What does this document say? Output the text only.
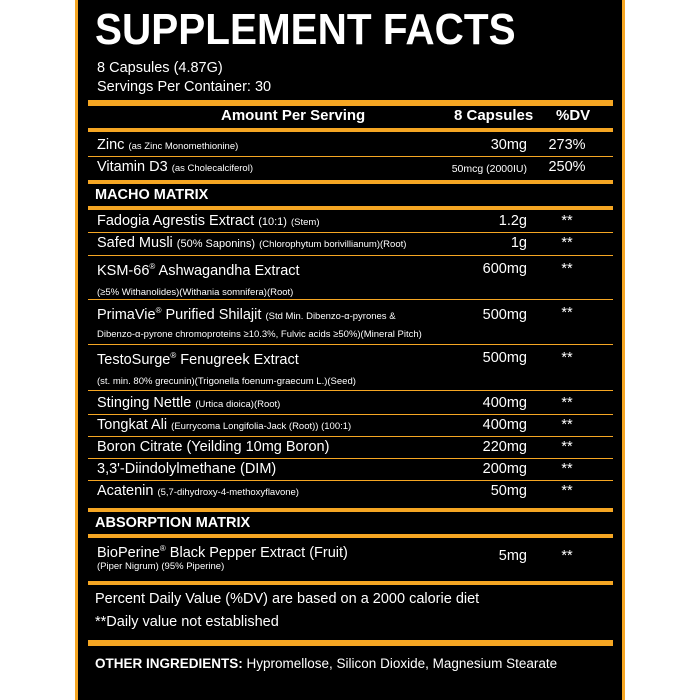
SUPPLEMENT FACTS
8 Capsules (4.87G)
Servings Per Container: 30
Amount Per Serving	8 Capsules %DV
Zinc (as Zinc Monomethionine)	30mg	273%
Vitamin D3 (as Cholecalciferol)	50mcg (2000IU)	250%
MACHO MATRIX
Fadogia Agrestis Extract (10:1) (Stem)	1.2g	**
Safed Musli (50% Saponins) (Chlorophytum borivillianum)(Root)	1g	**
KSM-66® Ashwagandha Extract
(≥5% Withanolides)(Withania somnifera)(Root)
600mg	**
PrimaVie® Purified Shilajit (Std Min. Dibenzo-α-pyrones &
Dibenzo-α-pyrone chromoproteins ≥10.3%, Fulvic acids ≥50%)(Mineral Pitch)
500mg	**
TestoSurge® Fenugreek Extract
(st. min. 80% grecunin)(Trigonella foenum-graecum L.)(Seed)
500mg	**
Stinging Nettle (Urtica dioica)(Root)	400mg	**
Tongkat Ali (Eurrycoma Longifolia-Jack (Root)) (100:1)	400mg	**
Boron Citrate (Yeilding 10mg Boron)	220mg	**
3,3'-Diindolylmethane (DIM)	200mg	**
Acatenin (5,7-dihydroxy-4-methoxyflavone)	50mg	**
ABSORPTION MATRIX
BioPerine® Black Pepper Extract (Fruit)
(Piper Nigrum) (95% Piperine)
5mg	**
Percent Daily Value (%DV) are based on a 2000 calorie diet
**Daily value not established
OTHER INGREDIENTS: Hypromellose, Silicon Dioxide, Magnesium Stearate
